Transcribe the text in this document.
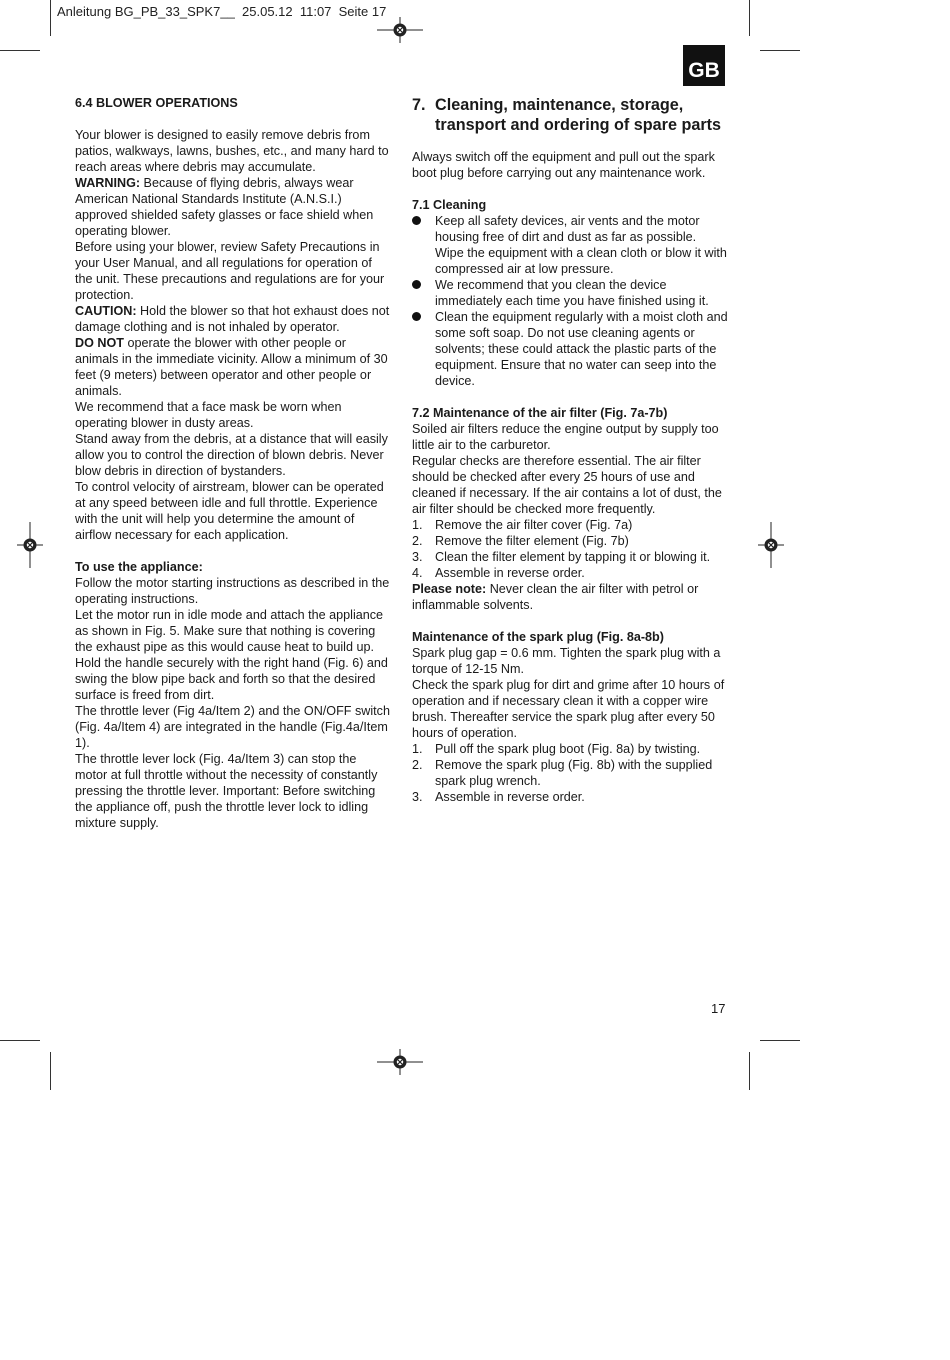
Anleitung BG_PB_33_SPK7__  25.05.12  11:07  Seite 17
GB

6.4 BLOWER OPERATIONS

Your blower is designed to easily remove debris from patios, walkways, lawns, bushes, etc., and many hard to reach areas where debris may accumulate.

WARNING: Because of flying debris, always wear American National Standards Institute (A.N.S.I.) approved shielded safety glasses or face shield when operating blower.

Before using your blower, review Safety Precautions in your User Manual, and all regulations for operation of the unit. These precautions and regulations are for your protection.

CAUTION: Hold the blower so that hot exhaust does not damage clothing and is not inhaled by operator.

DO NOT operate the blower with other people or animals in the immediate vicinity. Allow a minimum of 30 feet (9 meters) between operator and other people or animals.

We recommend that a face mask be worn when operating blower in dusty areas.

Stand away from the debris, at a distance that will easily allow you to control the direction of blown debris. Never blow debris in direction of bystanders.

To control velocity of airstream, blower can be operated at any speed between idle and full throttle. Experience with the unit will help you determine the amount of airflow necessary for each application.

To use the appliance:

Follow the motor starting instructions as described in the operating instructions.

Let the motor run in idle mode and attach the appliance as shown in Fig. 5. Make sure that nothing is covering the exhaust pipe as this would cause heat to build up.

Hold the handle securely with the right hand (Fig. 6) and swing the blow pipe back and forth so that the desired surface is freed from dirt.

The throttle lever (Fig 4a/Item 2) and the ON/OFF switch (Fig. 4a/Item 4) are integrated in the handle (Fig.4a/Item 1).

The throttle lever lock (Fig. 4a/Item 3) can stop the motor at full throttle without the necessity of constantly pressing the throttle lever. Important: Before switching the appliance off, push the throttle lever lock to idling mixture supply.

7. Cleaning, maintenance, storage, transport and ordering of spare parts

Always switch off the equipment and pull out the spark boot plug before carrying out any maintenance work.

7.1 Cleaning

Keep all safety devices, air vents and the motor housing free of dirt and dust as far as possible. Wipe the equipment with a clean cloth or blow it with compressed air at low pressure.
We recommend that you clean the device immediately each time you have finished using it.
Clean the equipment regularly with a moist cloth and some soft soap. Do not use cleaning agents or solvents; these could attack the plastic parts of the equipment. Ensure that no water can seep into the device.

7.2 Maintenance of the air filter (Fig. 7a-7b)

Soiled air filters reduce the engine output by supply too little air to the carburetor.

Regular checks are therefore essential. The air filter should be checked after every 25 hours of use and cleaned if necessary. If the air contains a lot of dust, the air filter should be checked more frequently.

1. Remove the air filter cover (Fig. 7a)
2. Remove the filter element (Fig. 7b)
3. Clean the filter element by tapping it or blowing it.
4. Assemble in reverse order.

Please note: Never clean the air filter with petrol or inflammable solvents.

Maintenance of the spark plug (Fig. 8a-8b)

Spark plug gap = 0.6 mm. Tighten the spark plug with a torque of 12-15 Nm.

Check the spark plug for dirt and grime after 10 hours of operation and if necessary clean it with a copper wire brush. Thereafter service the spark plug after every 50 hours of operation.

1. Pull off the spark plug boot (Fig. 8a) by twisting.
2. Remove the spark plug (Fig. 8b) with the supplied spark plug wrench.
3. Assemble in reverse order.
17
